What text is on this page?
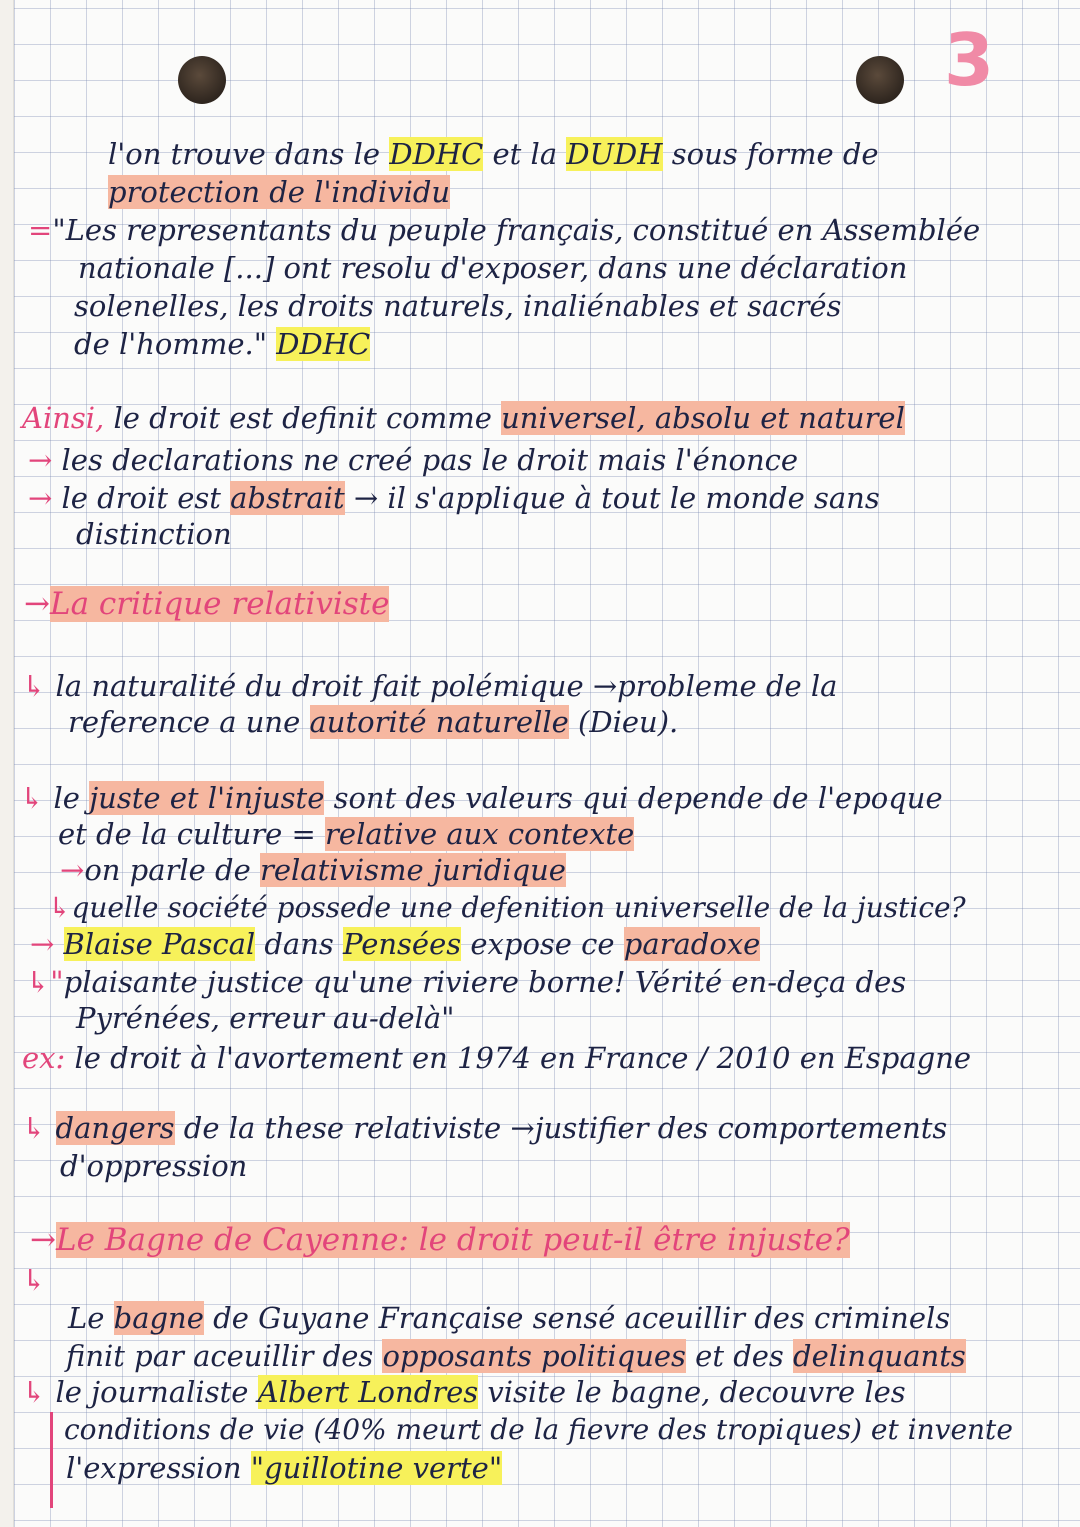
3
l'on trouve dans le DDHC et la DUDH sous forme de
protection de l'individu
="Les representants du peuple français, constitué en Assemblée
nationale [...] ont resolu d'exposer, dans une déclaration
solenelles, les droits naturels, inaliénables et sacrés
de l'homme." DDHC
Ainsi, le droit est definit comme universel, absolu et naturel
→ les declarations ne creé pas le droit mais l'énonce
→ le droit est abstrait → il s'applique à tout le monde sans
distinction
→La critique relativiste
↳ la naturalité du droit fait polémique →probleme de la
reference a une autorité naturelle (Dieu).
↳ le juste et l'injuste sont des valeurs qui depende de l'epoque
et de la culture = relative aux contexte
→on parle de relativisme juridique
↳quelle société possede une defenition universelle de la justice?
→ Blaise Pascal dans Pensées expose ce paradoxe
↳"plaisante justice qu'une riviere borne! Vérité en-deça des
Pyrénées, erreur au-delà"
ex: le droit à l'avortement en 1974 en France / 2010 en Espagne
↳ dangers de la these relativiste →justifier des comportements
d'oppression
→Le Bagne de Cayenne: le droit peut-il être injuste?
↳
Le bagne de Guyane Française sensé aceuillir des criminels
finit par aceuillir des opposants politiques et des delinquants
↳ le journaliste Albert Londres visite le bagne, decouvre les
conditions de vie (40% meurt de la fievre des tropiques) et invente
l'expression "guillotine verte"
